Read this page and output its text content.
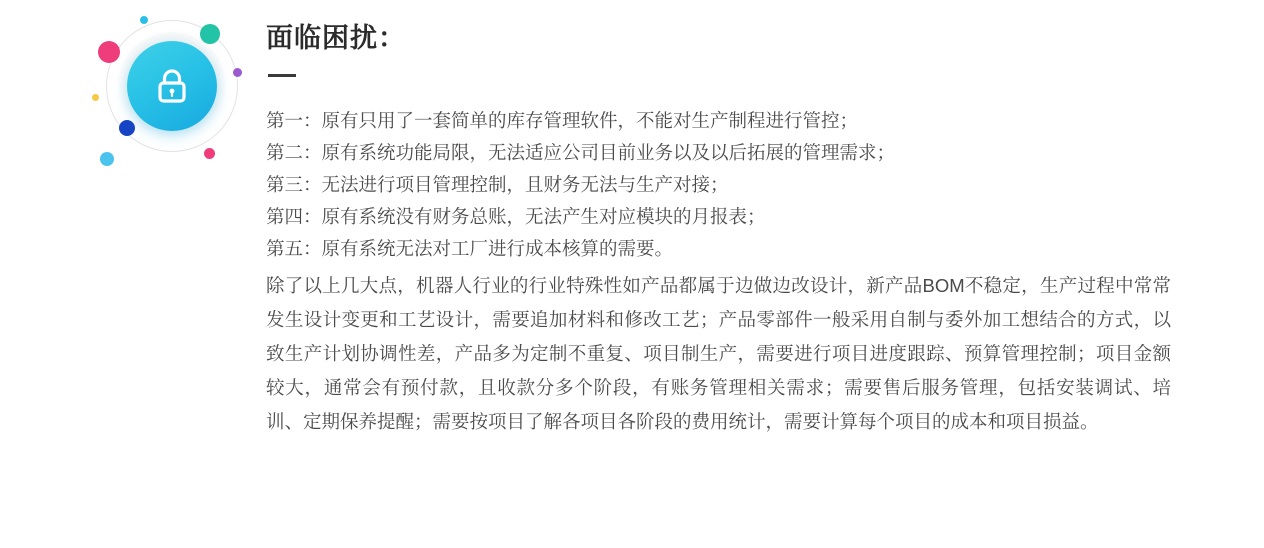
面临困扰：
第一：原有只用了一套简单的库存管理软件，不能对生产制程进行管控；
第二：原有系统功能局限，无法适应公司目前业务以及以后拓展的管理需求；
第三：无法进行项目管理控制，且财务无法与生产对接；
第四：原有系统没有财务总账，无法产生对应模块的月报表；
第五：原有系统无法对工厂进行成本核算的需要。

除了以上几大点，机器人行业的行业特殊性如产品都属于边做边改设计，新产品BOM不稳定，生产过程中常常发生设计变更和工艺设计，需要追加材料和修改工艺；产品零部件一般采用自制与委外加工想结合的方式，以致生产计划协调性差，产品多为定制不重复、项目制生产，需要进行项目进度跟踪、预算管理控制；项目金额较大，通常会有预付款，且收款分多个阶段，有账务管理相关需求；需要售后服务管理，包括安装调试、培训、定期保养提醒；需要按项目了解各项目各阶段的费用统计，需要计算每个项目的成本和项目损益。
